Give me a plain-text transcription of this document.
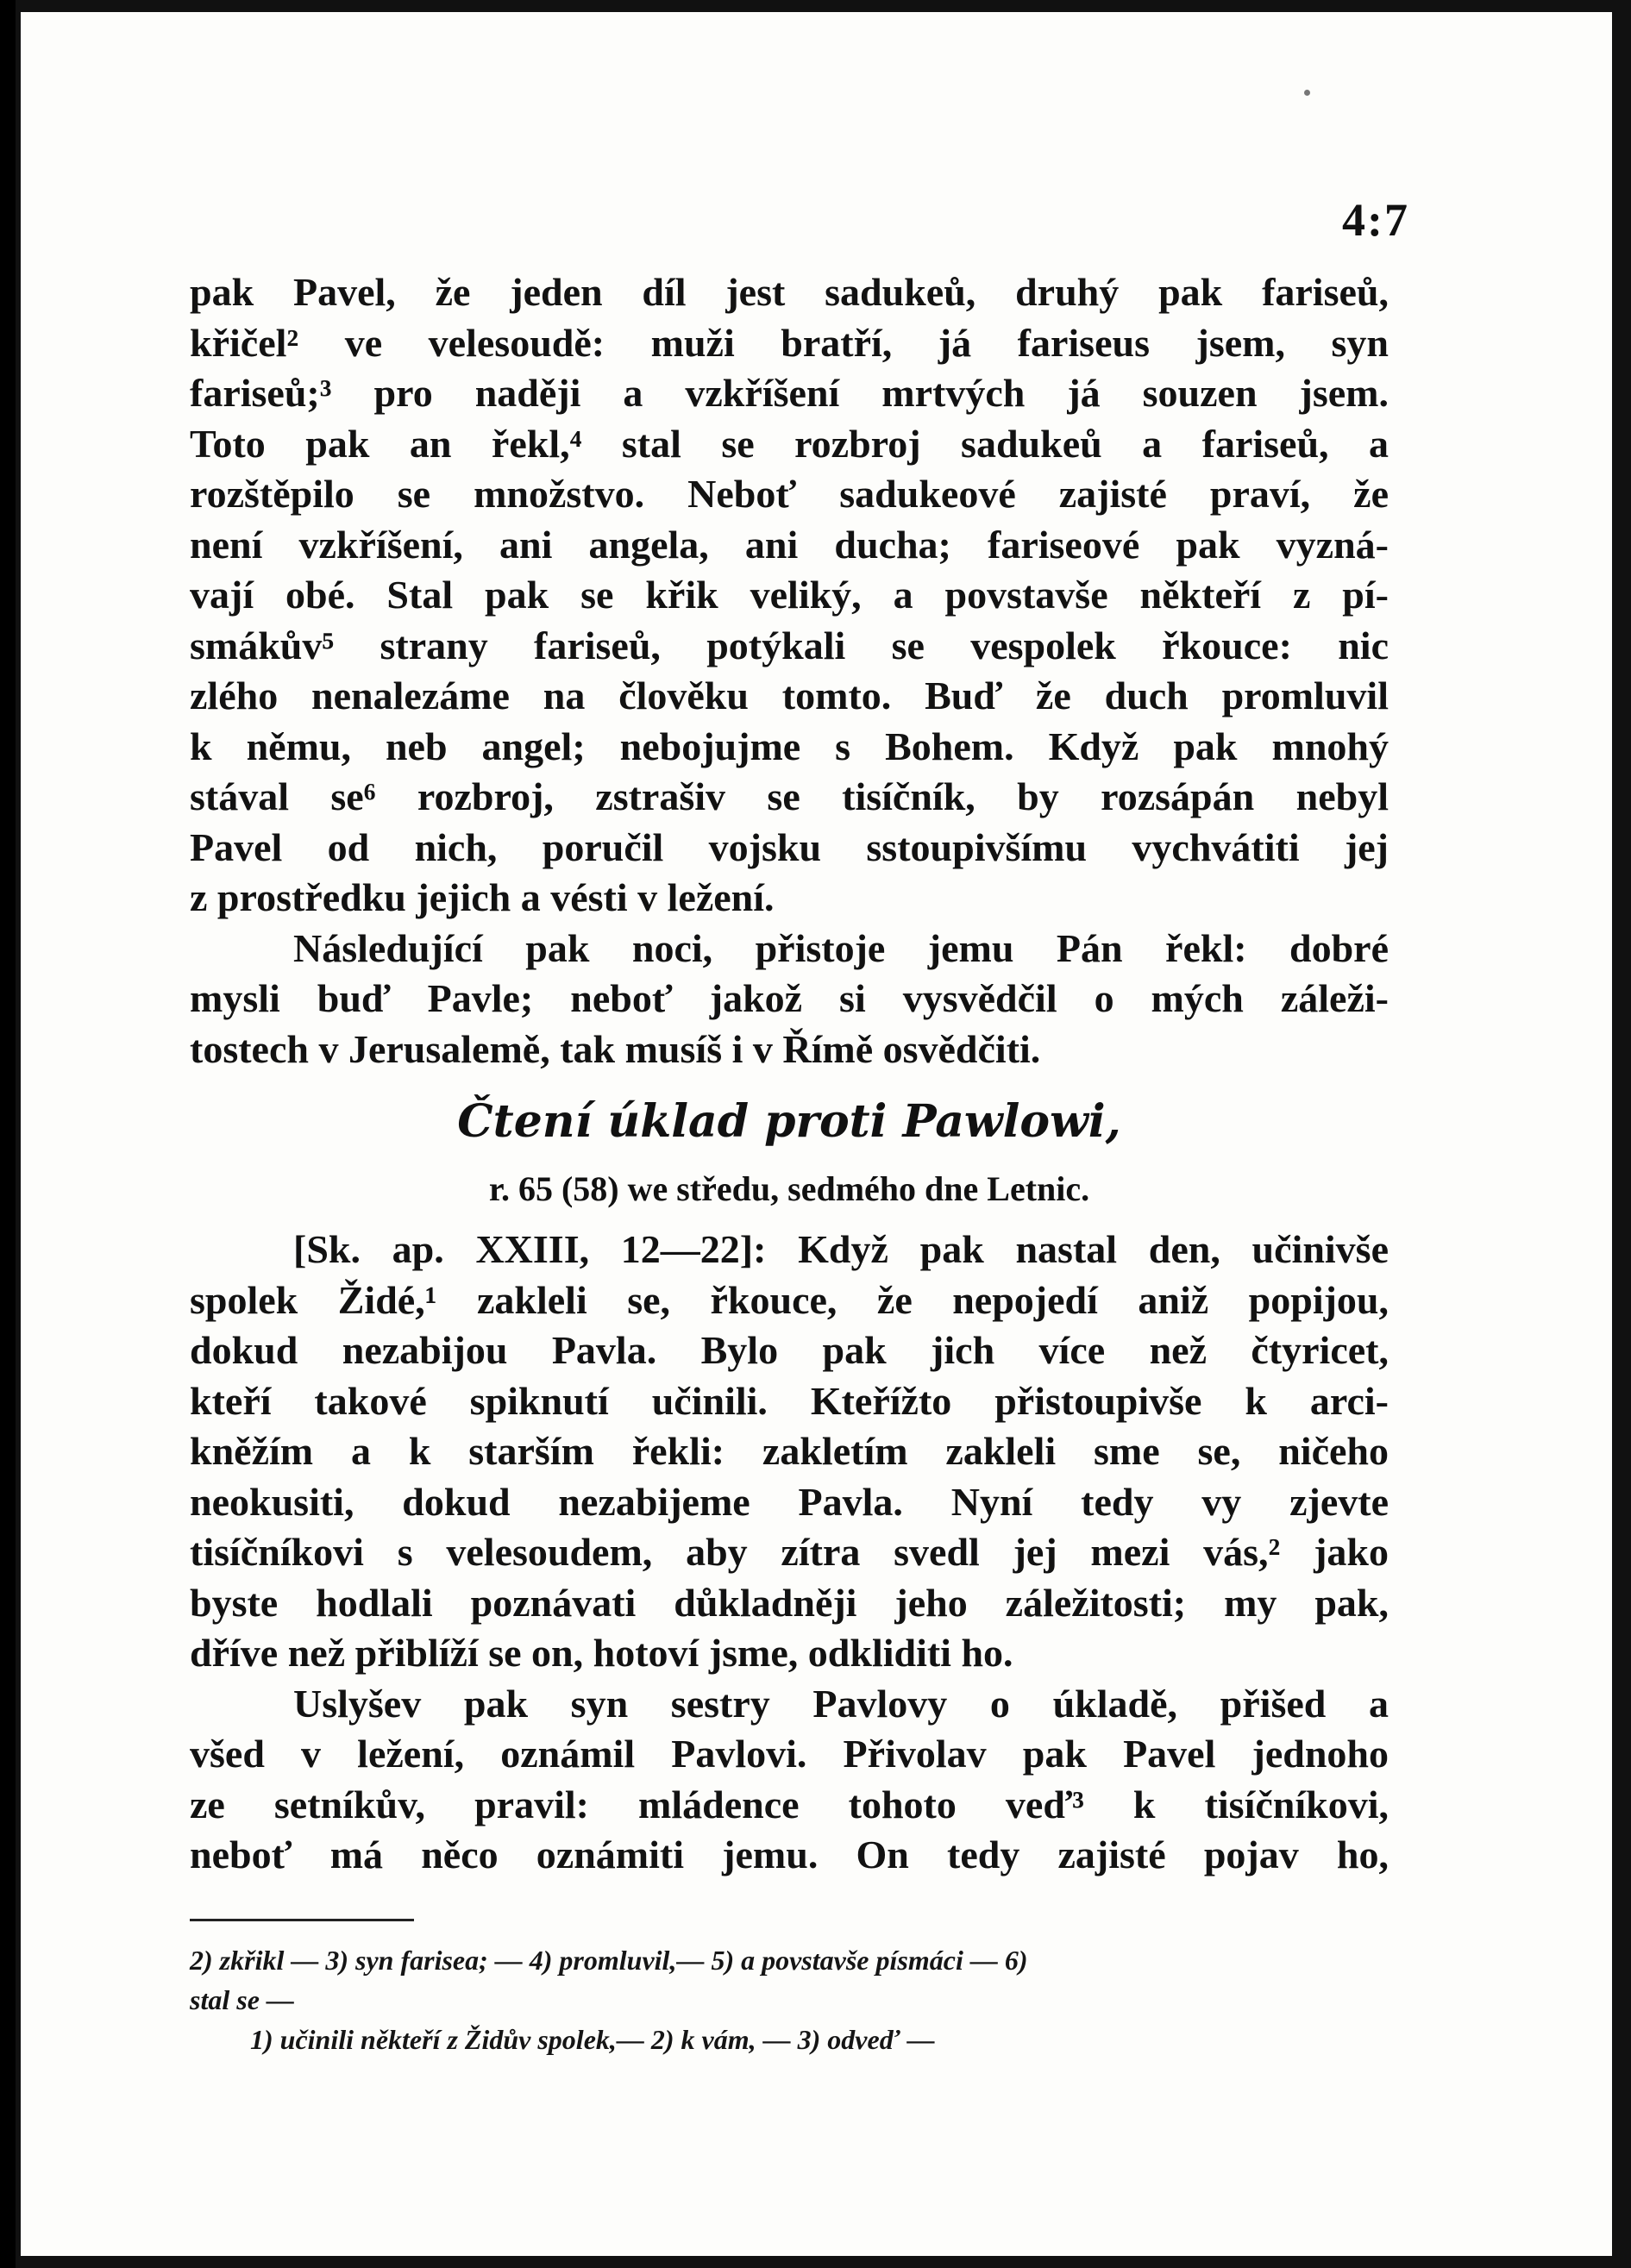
4:7
pak Pavel, že jeden díl jest sadukeů, druhý pak fariseů,
křičel² ve velesoudě: muži bratří, já fariseus jsem, syn
fariseů;³ pro naději a vzkříšení mrtvých já souzen jsem.
Toto pak an řekl,⁴ stal se rozbroj sadukeů a fariseů, a
rozštěpilo se množstvo. Neboť sadukeové zajisté praví, že
není vzkříšení, ani angela, ani ducha; fariseové pak vyzná-
vají obé. Stal pak se křik veliký, a povstavše někteří z pí-
smákův⁵ strany fariseů, potýkali se vespolek řkouce: nic
zlého nenalezáme na člověku tomto. Buď že duch promluvil
k němu, neb angel; nebojujme s Bohem. Když pak mnohý
stával se⁶ rozbroj, zstrašiv se tisíčník, by rozsápán nebyl
Pavel od nich, poručil vojsku sstoupivšímu vychvátiti jej
z prostředku jejich a vésti v ležení.
Následující pak noci, přistoje jemu Pán řekl: dobré
mysli buď Pavle; neboť jakož si vysvědčil o mých záleži-
tostech v Jerusalemě, tak musíš i v Římě osvědčiti.
Čtení úklad proti Pawlowi,
r. 65 (58) we středu, sedmého dne Letnic.
[Sk. ap. XXIII, 12—22]: Když pak nastal den, učinivše
spolek Židé,¹ zakleli se, řkouce, že nepojedí aniž popijou,
dokud nezabijou Pavla. Bylo pak jich více než čtyricet,
kteří takové spiknutí učinili. Kteřížto přistoupivše k arci-
kněžím a k starším řekli: zakletím zakleli sme se, ničeho
neokusiti, dokud nezabijeme Pavla. Nyní tedy vy zjevte
tisíčníkovi s velesoudem, aby zítra svedl jej mezi vás,² jako
byste hodlali poznávati důkladněji jeho záležitosti; my pak,
dříve než přiblíží se on, hotoví jsme, odkliditi ho.
Uslyšev pak syn sestry Pavlovy o úkladě, přišed a
všed v ležení, oznámil Pavlovi. Přivolav pak Pavel jednoho
ze setníkův, pravil: mládence tohoto veď³ k tisíčníkovi,
neboť má něco oznámiti jemu. On tedy zajisté pojav ho,
2) zkřikl — 3) syn farisea; — 4) promluvil,— 5) a povstavše písmáci — 6)
stal se —
1) učinili někteří z Židův spolek,— 2) k vám, — 3) odveď —
